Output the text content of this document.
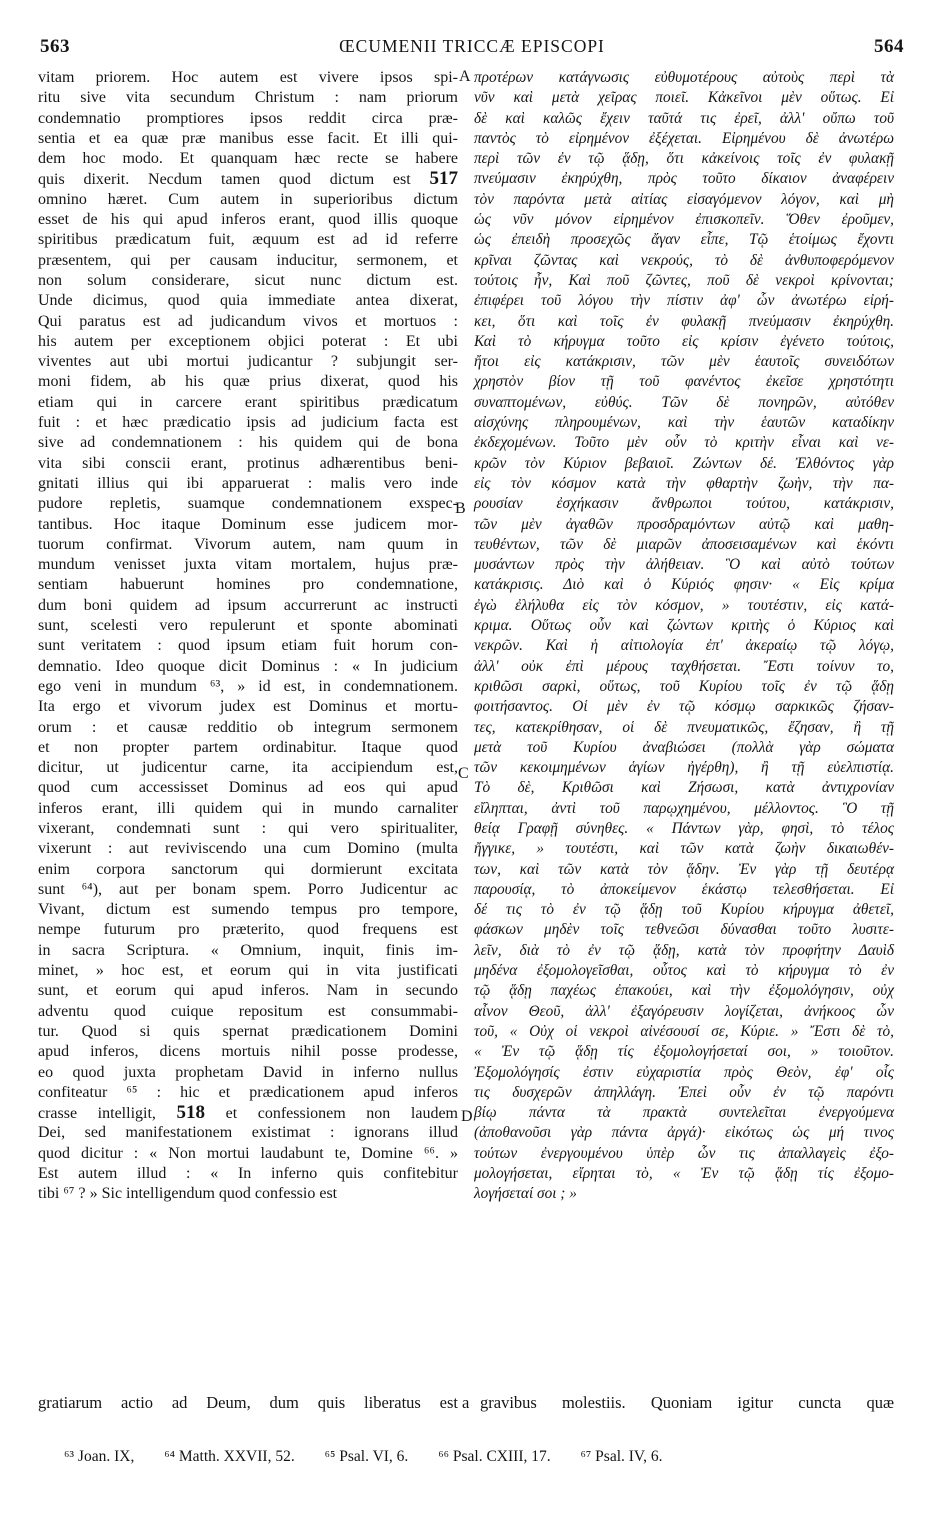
563	ŒCUMENII TRICCÆ EPISCOPI	564
vitam priorem. Hoc autem est vivere ipsos spi-
ritu sive vita secundum Christum : nam priorum
condemnatio promptiores ipsos reddit circa præ-
sentia et ea quæ præ manibus esse facit. Et illi qui-
dem hoc modo. Et quanquam hæc recte se habere
quis dixerit. Necdum tamen quod dictum est 517
omnino hæret. Cum autem in superioribus dictum
esset de his qui apud inferos erant, quod illis quoque
spiritibus prædicatum fuit, æquum est ad id referre
præsentem, qui per causam inducitur, sermonem, et
non solum considerare, sicut nunc dictum est.
Unde dicimus, quod quia immediate antea dixerat,
Qui paratus est ad judicandum vivos et mortuos :
his autem per exceptionem objici poterat : Et ubi
viventes aut ubi mortui judicantur ? subjungit ser-
moni fidem, ab his quæ prius dixerat, quod his
etiam qui in carcere erant spiritibus prædicatum
fuit : et hæc prædicatio ipsis ad judicium facta est
sive ad condemnationem : his quidem qui de bona
vita sibi conscii erant, protinus adhærentibus beni-
gnitati illius qui ibi apparuerat : malis vero inde
pudore repletis, suamque condemnationem exspec-
tantibus. Hoc itaque Dominum esse judicem mor-
tuorum confirmat. Vivorum autem, nam quum in
mundum venisset juxta vitam mortalem, hujus præ-
sentiam habuerunt homines pro condemnatione,
dum boni quidem ad ipsum accurrerunt ac instructi
sunt, scelesti vero repulerunt et sponte abominati
sunt veritatem : quod ipsum etiam fuit horum con-
demnatio. Ideo quoque dicit Dominus : « In judicium
ego veni in mundum ⁶³, » id est, in condemnationem.
Ita ergo et vivorum judex est Dominus et mortu-
orum : et causæ redditio ob integrum sermonem
et non propter partem ordinabitur. Itaque quod
dicitur, ut judicentur carne, ita accipiendum est,
quod cum accessisset Dominus ad eos qui apud
inferos erant, illi quidem qui in mundo carnaliter
vixerant, condemnati sunt : qui vero spiritualiter,
vixerunt : aut reviviscendo una cum Domino (multa
enim corpora sanctorum qui dormierunt excitata
sunt ⁶⁴), aut per bonam spem. Porro Judicentur ac
Vivant, dictum est sumendo tempus pro tempore,
nempe futurum pro præterito, quod frequens est
in sacra Scriptura. « Omnium, inquit, finis im-
minet, » hoc est, et eorum qui in vita justificati
sunt, et eorum qui apud inferos. Nam in secundo
adventu quod cuique repositum est consummabi-
tur. Quod si quis spernat prædicationem Domini
apud inferos, dicens mortuis nihil posse prodesse,
eo quod juxta prophetam David in inferno nullus
confiteatur ⁶⁵ : hic et prædicationem apud inferos
crasse intelligit, 518 et confessionem non laudem
Dei, sed manifestationem existimat : ignorans illud
quod dicitur : « Non mortui laudabunt te, Domine ⁶⁶. »
Est autem illud : « In inferno quis confitebitur
tibi ⁶⁷ ? » Sic intelligendum quod confessio est
A
B
C
D
προτέρων κατάγνωσις εὐθυμοτέρους αὐτοὺς περὶ τὰ
νῦν καὶ μετὰ χεῖρας ποιεῖ. Κἀκεῖνοι μὲν οὕτως. Εἰ
δὲ καὶ καλῶς ἔχειν ταῦτά τις ἐρεῖ, ἀλλ' οὔπω τοῦ
παντὸς τὸ εἰρημένον ἐξέχεται. Εἰρημένου δὲ ἀνωτέρω
περὶ τῶν ἐν τῷ ᾅδῃ, ὅτι κἀκείνοις τοῖς ἐν φυλακῇ
πνεύμασιν ἐκηρύχθη, πρὸς τοῦτο δίκαιον ἀναφέρειν
τὸν παρόντα μετὰ αἰτίας εἰσαγόμενον λόγον, καὶ μὴ
ὡς νῦν μόνον εἰρημένον ἐπισκοπεῖν. Ὅθεν ἐροῦμεν,
ὡς ἐπειδὴ προσεχῶς ἄγαν εἶπε, Τῷ ἑτοίμως ἔχοντι
κρῖναι ζῶντας καὶ νεκρούς, τὸ δὲ ἀνθυποφερόμενον
τούτοις ἦν, Καὶ ποῦ ζῶντες, ποῦ δὲ νεκροὶ κρίνονται;
ἐπιφέρει τοῦ λόγου τὴν πίστιν ἀφ' ὧν ἀνωτέρω εἰρή-
κει, ὅτι καὶ τοῖς ἐν φυλακῇ πνεύμασιν ἐκηρύχθη.
Καὶ τὸ κήρυγμα τοῦτο εἰς κρίσιν ἐγένετο τούτοις,
ἤτοι εἰς κατάκρισιν, τῶν μὲν ἑαυτοῖς συνειδότων
χρηστὸν βίον τῇ τοῦ φανέντος ἐκεῖσε χρηστότητι
συναπτομένων, εὐθύς. Τῶν δὲ πονηρῶν, αὐτόθεν
αἰσχύνης πληρουμένων, καὶ τὴν ἑαυτῶν καταδίκην
ἐκδεχομένων. Τοῦτο μὲν οὖν τὸ κριτὴν εἶναι καὶ νε-
κρῶν τὸν Κύριον βεβαιοῖ. Ζώντων δέ. Ἐλθόντος γὰρ
εἰς τὸν κόσμον κατὰ τὴν φθαρτὴν ζωὴν, τὴν πα-
ρουσίαν ἐσχήκασιν ἄνθρωποι τούτου, κατάκρισιν,
τῶν μὲν ἀγαθῶν προσδραμόντων αὐτῷ καὶ μαθη-
τευθέντων, τῶν δὲ μιαρῶν ἀποσεισαμένων καὶ ἑκόντι
μυσάντων πρὸς τὴν ἀλήθειαν. Ὃ καὶ αὐτὸ τούτων
κατάκρισις. Διὸ καὶ ὁ Κύριός φησιν· « Εἰς κρίμα
ἐγὼ ἐλήλυθα εἰς τὸν κόσμον, » τουτέστιν, εἰς κατά-
κριμα. Οὕτως οὖν καὶ ζώντων κριτὴς ὁ Κύριος καὶ
νεκρῶν. Καὶ ἡ αἰτιολογία ἐπ' ἀκεραίῳ τῷ λόγῳ,
ἀλλ' οὐκ ἐπὶ μέρους ταχθήσεται. Ἔστι τοίνυν το,
κριθῶσι σαρκὶ, οὕτως, τοῦ Κυρίου τοῖς ἐν τῷ ᾅδῃ
φοιτήσαντος. Οἱ μὲν ἐν τῷ κόσμῳ σαρκικῶς ζήσαν-
τες, κατεκρίθησαν, οἱ δὲ πνευματικῶς, ἔζησαν, ἢ τῇ
μετὰ τοῦ Κυρίου ἀναβιώσει (πολλὰ γὰρ σώματα
τῶν κεκοιμημένων ἁγίων ἠγέρθη), ἢ τῇ εὐελπιστίᾳ.
Τὸ δὲ, Κριθῶσι καὶ Ζήσωσι, κατὰ ἀντιχρονίαν
εἴληπται, ἀντὶ τοῦ παρῳχημένου, μέλλοντος. Ὃ τῇ
θείᾳ Γραφῇ σύνηθες. « Πάντων γὰρ, φησὶ, τὸ τέλος
ἤγγικε, » τουτέστι, καὶ τῶν κατὰ ζωὴν δικαιωθέν-
των, καὶ τῶν κατὰ τὸν ᾅδην. Ἐν γὰρ τῇ δευτέρᾳ
παρουσίᾳ, τὸ ἀποκείμενον ἑκάστῳ τελεσθήσεται. Εἰ
δέ τις τὸ ἐν τῷ ᾅδῃ τοῦ Κυρίου κήρυγμα ἀθετεῖ,
φάσκων μηδὲν τοῖς τεθνεῶσι δύνασθαι τοῦτο λυσιτε-
λεῖν, διὰ τὸ ἐν τῷ ᾅδῃ, κατὰ τὸν προφήτην Δαυὶδ
μηδένα ἐξομολογεῖσθαι, οὗτος καὶ τὸ κήρυγμα τὸ ἐν
τῷ ᾅδῃ παχέως ἐπακούει, καὶ τὴν ἐξομολόγησιν, οὐχ
αἶνον Θεοῦ, ἀλλ' ἐξαγόρευσιν λογίζεται, ἀνήκοος ὧν
τοῦ, « Οὐχ οἱ νεκροὶ αἰνέσουσί σε, Κύριε. » Ἔστι δὲ τὸ,
« Ἐν τῷ ᾅδῃ τίς ἐξομολογήσεταί σοι, » τοιοῦτον.
Ἐξομολόγησίς ἐστιν εὐχαριστία πρὸς Θεὸν, ἐφ' οἷς
τις δυσχερῶν ἀπηλλάγη. Ἐπεὶ οὖν ἐν τῷ παρόντι
βίῳ πάντα τὰ πρακτὰ συντελεῖται ἐνεργούμενα
(ἀποθανοῦσι γὰρ πάντα ἀργά)· εἰκότως ὡς μή τινος
τούτων ἐνεργουμένου ὑπὲρ ὧν τις ἀπαλλαγεὶς ἐξο-
μολογήσεται, εἴρηται τὸ, « Ἐν τῷ ᾅδῃ τίς ἐξομο-
λογήσεταί σοι ; »
gratiarum actio ad Deum, dum quis liberatus est a gravibus molestiis. Quoniam igitur cuncta quæ
⁶³ Joan. IX, ⁶⁴ Matth. XXVII, 52. ⁶⁵ Psal. VI, 6. ⁶⁶ Psal. CXIII, 17. ⁶⁷ Psal. IV, 6.
